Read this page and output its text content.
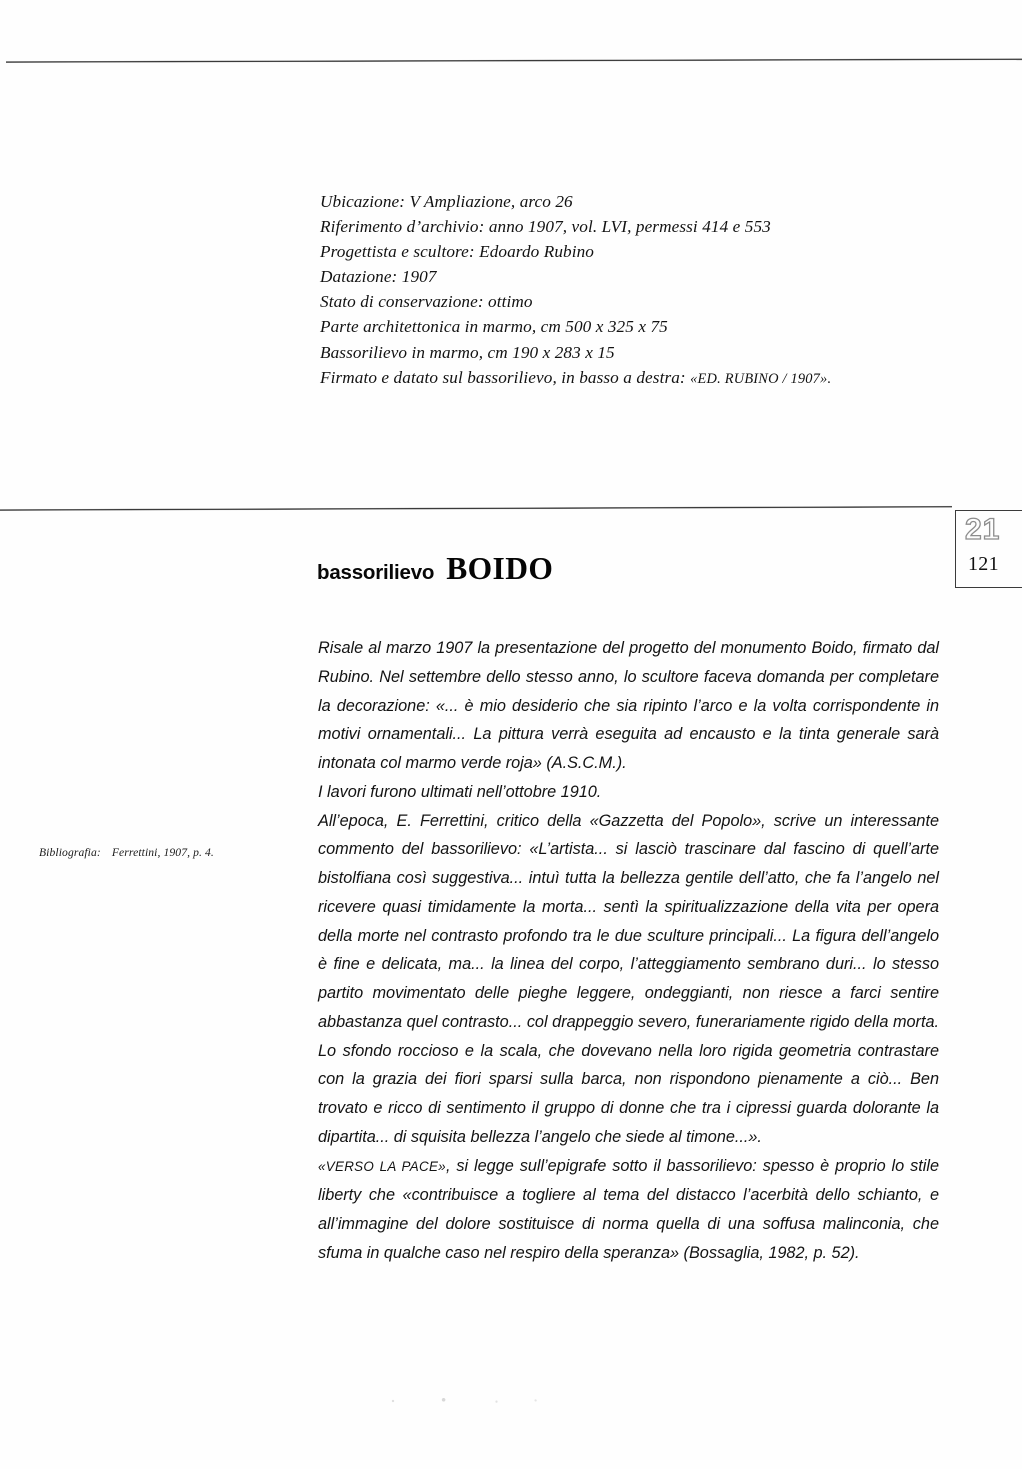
Ubicazione: V Ampliazione, arco 26
Riferimento d’archivio: anno 1907, vol. LVI, permessi 414 e 553
Progettista e scultore: Edoardo Rubino
Datazione: 1907
Stato di conservazione: ottimo
Parte architettonica in marmo, cm 500 x 325 x 75
Bassorilievo in marmo, cm 190 x 283 x 15
Firmato e datato sul bassorilievo, in basso a destra: «ED. RUBINO / 1907».
bassorilievo BOIDO
21
121
Bibliografia: Ferrettini, 1907, p. 4.

Risale al marzo 1907 la presentazione del progetto del monumento Boido, firmato dal Rubino. Nel settembre dello stesso anno, lo scultore faceva domanda per completare la decorazione: «... è mio desiderio che sia ripinto l’arco e la volta corrispondente in motivi ornamentali... La pittura verrà eseguita ad encausto e la tinta generale sarà intonata col marmo verde roja» (A.S.C.M.).

I lavori furono ultimati nell’ottobre 1910.

All’epoca, E. Ferrettini, critico della «Gazzetta del Popolo», scrive un interessante commento del bassorilievo: «L’artista... si lasciò trascinare dal fascino di quell’arte bistolfiana così suggestiva... intuì tutta la bellezza gentile dell’atto, che fa l’angelo nel ricevere quasi timidamente la morta... sentì la spiritualizzazione della vita per opera della morte nel contrasto profondo tra le due sculture principali... La figura dell’angelo è fine e delicata, ma... la linea del corpo, l’atteggiamento sembrano duri... lo stesso partito movimentato delle pieghe leggere, ondeggianti, non riesce a farci sentire abbastanza quel contrasto... col drappeggio severo, funerariamente rigido della morta. Lo sfondo roccioso e la scala, che dovevano nella loro rigida geometria contrastare con la grazia dei fiori sparsi sulla barca, non rispondono pienamente a ciò... Ben trovato e ricco di sentimento il gruppo di donne che tra i cipressi guarda dolorante la dipartita... di squisita bellezza l’angelo che siede al timone...».

«VERSO LA PACE», si legge sull’epigrafe sotto il bassorilievo: spesso è proprio lo stile liberty che «contribuisce a togliere al tema del distacco l’acerbità dello schianto, e all’immagine del dolore sostituisce di norma quella di una soffusa malinconia, che sfuma in qualche caso nel respiro della speranza» (Bossaglia, 1982, p. 52).
